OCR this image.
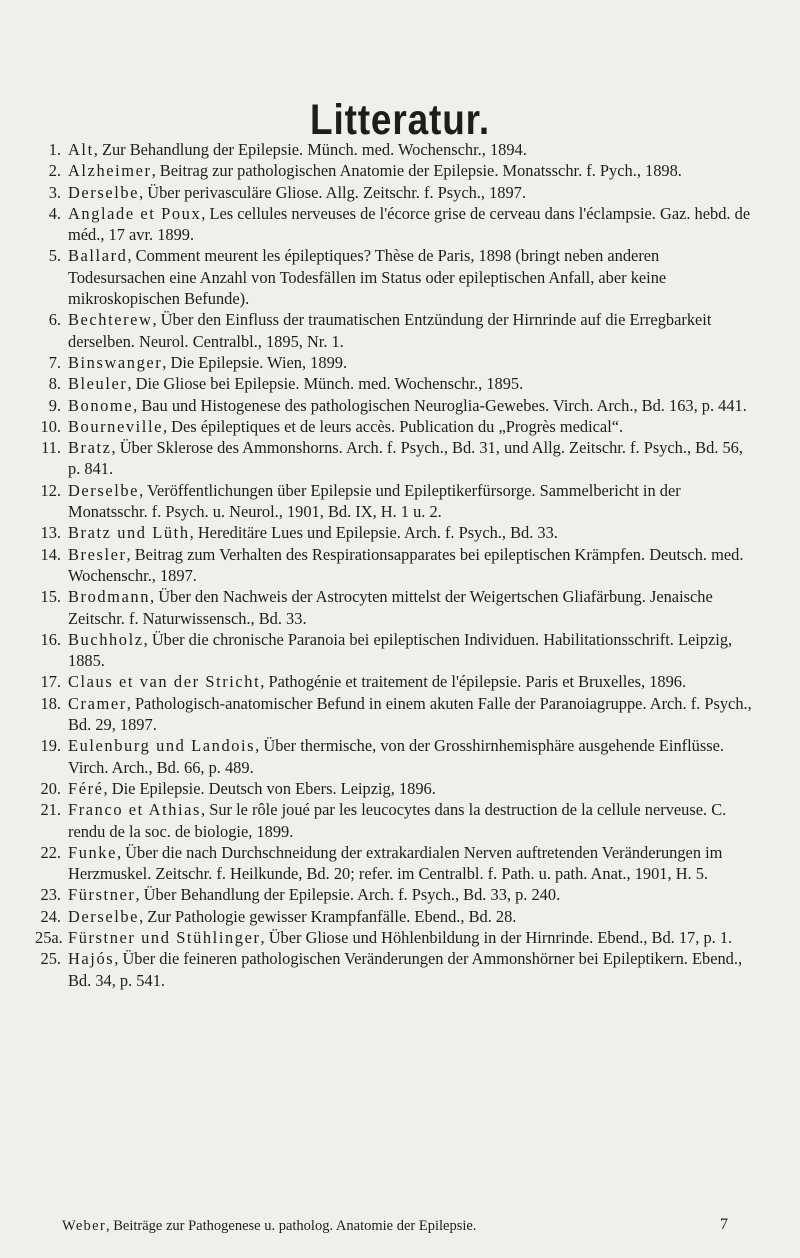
Litteratur.
1. Alt, Zur Behandlung der Epilepsie. Münch. med. Wochenschr., 1894.
2. Alzheimer, Beitrag zur pathologischen Anatomie der Epilepsie. Monatsschr. f. Pych., 1898.
3. Derselbe, Über perivasculäre Gliose. Allg. Zeitschr. f. Psych., 1897.
4. Anglade et Poux, Les cellules nerveuses de l'écorce grise de cerveau dans l'éclampsie. Gaz. hebd. de méd., 17 avr. 1899.
5. Ballard, Comment meurent les épileptiques? Thèse de Paris, 1898 (bringt neben anderen Todesursachen eine Anzahl von Todesfällen im Status oder epileptischen Anfall, aber keine mikroskopischen Befunde).
6. Bechterew, Über den Einfluss der traumatischen Entzündung der Hirnrinde auf die Erregbarkeit derselben. Neurol. Centralbl., 1895, Nr. 1.
7. Binswanger, Die Epilepsie. Wien, 1899.
8. Bleuler, Die Gliose bei Epilepsie. Münch. med. Wochenschr., 1895.
9. Bonome, Bau und Histogenese des pathologischen Neuroglia-Gewebes. Virch. Arch., Bd. 163, p. 441.
10. Bourneville, Des épileptiques et de leurs accès. Publication du „Progrès medical“.
11. Bratz, Über Sklerose des Ammonshorns. Arch. f. Psych., Bd. 31, und Allg. Zeitschr. f. Psych., Bd. 56, p. 841.
12. Derselbe, Veröffentlichungen über Epilepsie und Epileptikerfürsorge. Sammelbericht in der Monatsschr. f. Psych. u. Neurol., 1901, Bd. IX, H. 1 u. 2.
13. Bratz und Lüth, Hereditäre Lues und Epilepsie. Arch. f. Psych., Bd. 33.
14. Bresler, Beitrag zum Verhalten des Respirationsapparates bei epileptischen Krämpfen. Deutsch. med. Wochenschr., 1897.
15. Brodmann, Über den Nachweis der Astrocyten mittelst der Weigertschen Gliafärbung. Jenaische Zeitschr. f. Naturwissensch., Bd. 33.
16. Buchholz, Über die chronische Paranoia bei epileptischen Individuen. Habilitationsschrift. Leipzig, 1885.
17. Claus et van der Stricht, Pathogénie et traitement de l'épilepsie. Paris et Bruxelles, 1896.
18. Cramer, Pathologisch-anatomischer Befund in einem akuten Falle der Paranoiagruppe. Arch. f. Psych., Bd. 29, 1897.
19. Eulenburg und Landois, Über thermische, von der Grosshirnhemisphäre ausgehende Einflüsse. Virch. Arch., Bd. 66, p. 489.
20. Féré, Die Epilepsie. Deutsch von Ebers. Leipzig, 1896.
21. Franco et Athias, Sur le rôle joué par les leucocytes dans la destruction de la cellule nerveuse. C. rendu de la soc. de biologie, 1899.
22. Funke, Über die nach Durchschneidung der extrakardialen Nerven auftretenden Veränderungen im Herzmuskel. Zeitschr. f. Heilkunde, Bd. 20; refer. im Centralbl. f. Path. u. path. Anat., 1901, H. 5.
23. Fürstner, Über Behandlung der Epilepsie. Arch. f. Psych., Bd. 33, p. 240.
24. Derselbe, Zur Pathologie gewisser Krampfanfälle. Ebend., Bd. 28.
25a. Fürstner und Stühlinger, Über Gliose und Höhlenbildung in der Hirnrinde. Ebend., Bd. 17, p. 1.
25. Hajós, Über die feineren pathologischen Veränderungen der Ammonshörner bei Epileptikern. Ebend., Bd. 34, p. 541.
Weber, Beiträge zur Pathogenese u. patholog. Anatomie der Epilepsie.	7
